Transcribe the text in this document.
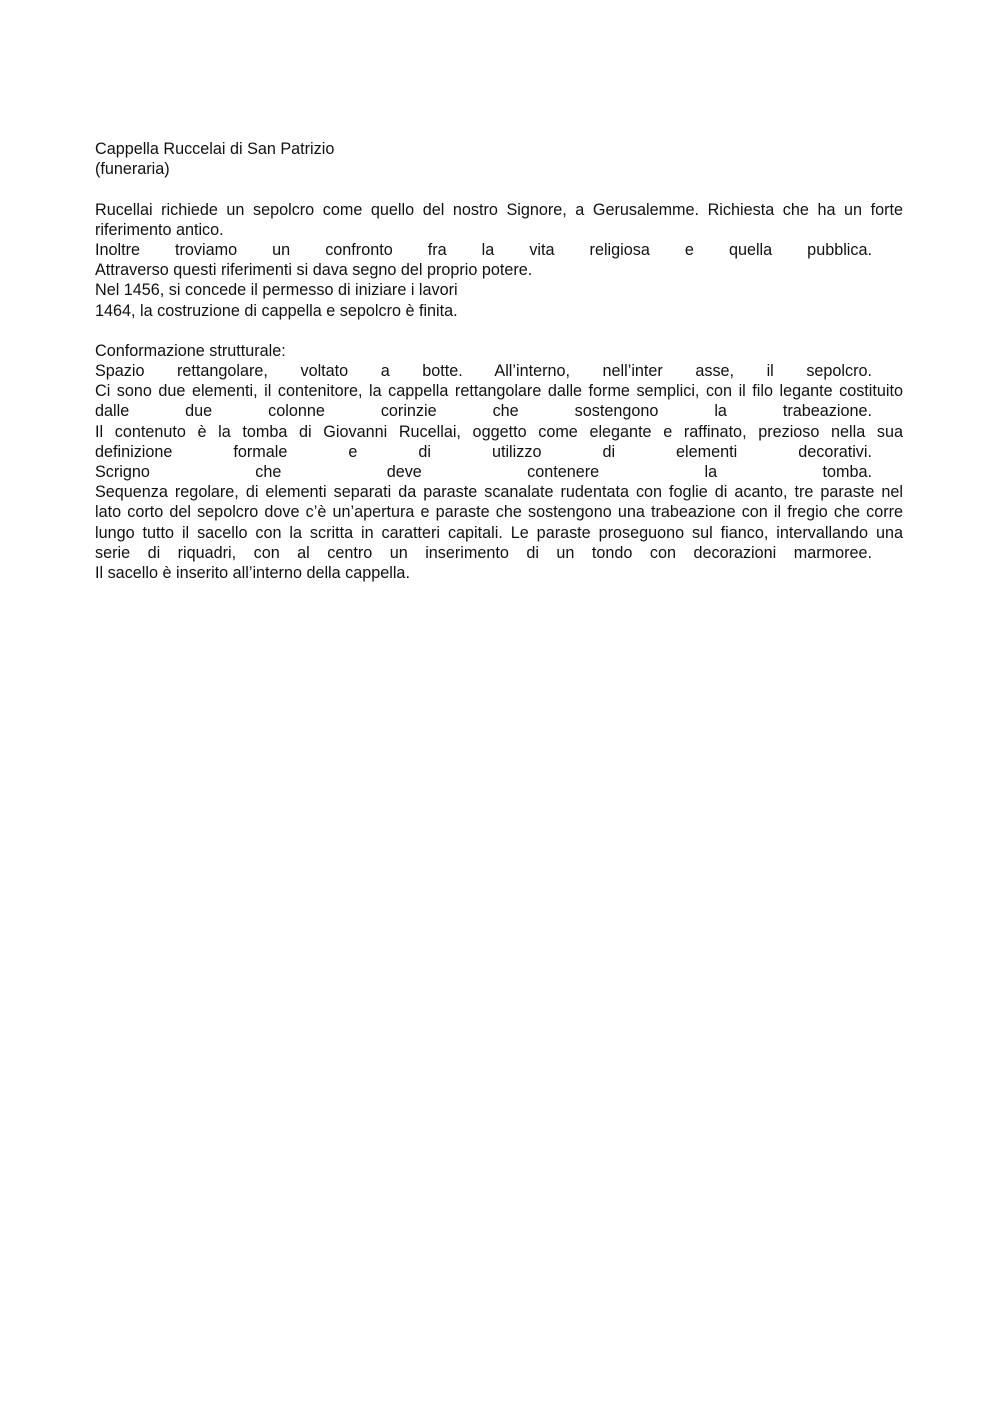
Cappella Ruccelai di San Patrizio
(funeraria)
Rucellai richiede un sepolcro come quello del nostro Signore, a Gerusalemme. Richiesta che ha un forte
riferimento antico.
Inoltre troviamo un confronto fra la vita religiosa e quella pubblica.
Attraverso questi riferimenti si dava segno del proprio potere.
Nel 1456, si concede il permesso di iniziare i lavori
1464, la costruzione di cappella e sepolcro è finita.
Conformazione strutturale:
Spazio rettangolare, voltato a botte. All’interno, nell’inter asse, il sepolcro.
Ci sono due elementi, il contenitore, la cappella rettangolare dalle forme semplici, con il filo legante costituito
dalle due colonne corinzie che sostengono la trabeazione.
Il contenuto è la tomba di Giovanni Rucellai, oggetto come elegante e raffinato, prezioso nella sua
definizione formale e di utilizzo di elementi decorativi.
Scrigno che deve contenere la tomba.
Sequenza regolare, di elementi separati da paraste scanalate rudentata con foglie di acanto, tre paraste nel
lato corto del sepolcro dove c’è un’apertura e paraste che sostengono una trabeazione con il fregio che corre
lungo tutto il sacello con la scritta in caratteri capitali. Le paraste proseguono sul fianco, intervallando una
serie di riquadri, con al centro un inserimento di un tondo con decorazioni marmoree.
Il sacello è inserito all’interno della cappella.
